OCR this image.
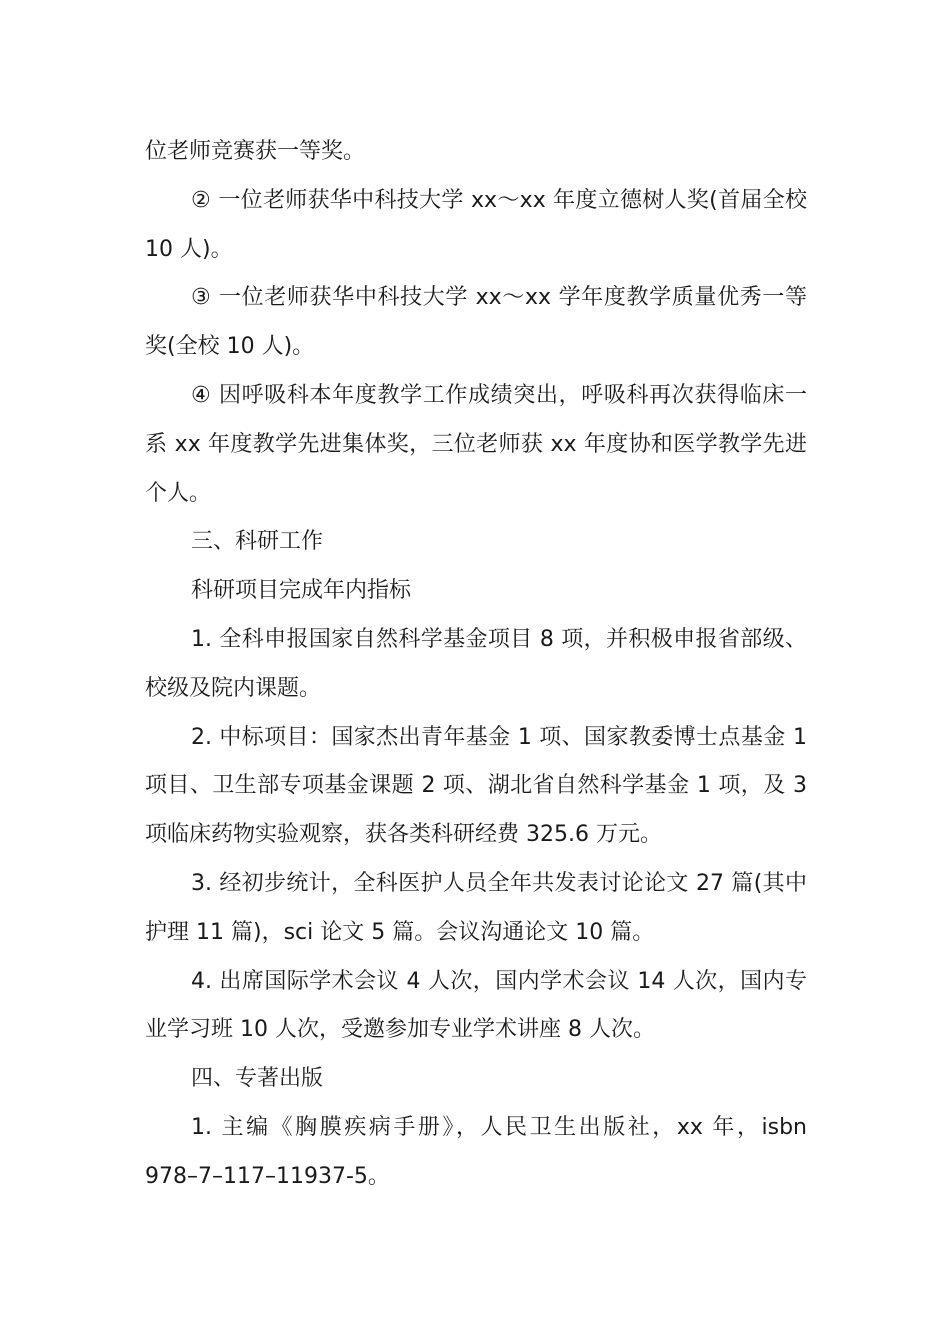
位老师竞赛获一等奖。

② 一位老师获华中科技大学 xx～xx 年度立德树人奖(首届全校 10 人)。

③ 一位老师获华中科技大学 xx～xx 学年度教学质量优秀一等奖(全校 10 人)。

④ 因呼吸科本年度教学工作成绩突出，呼吸科再次获得临床一系 xx 年度教学先进集体奖，三位老师获 xx 年度协和医学教学先进个人。

三、科研工作

科研项目完成年内指标

1. 全科申报国家自然科学基金项目 8 项，并积极申报省部级、校级及院内课题。

2. 中标项目：国家杰出青年基金 1 项、国家教委博士点基金 1 项目、卫生部专项基金课题 2 项、湖北省自然科学基金 1 项，及 3 项临床药物实验观察，获各类科研经费 325.6 万元。

3. 经初步统计，全科医护人员全年共发表讨论论文 27 篇(其中护理 11 篇)，sci 论文 5 篇。会议沟通论文 10 篇。

4. 出席国际学术会议 4 人次，国内学术会议 14 人次，国内专业学习班 10 人次，受邀参加专业学术讲座 8 人次。

四、专著出版

1. 主编《胸膜疾病手册》，人民卫生出版社，xx 年，isbn 978–7–117–11937-5。
